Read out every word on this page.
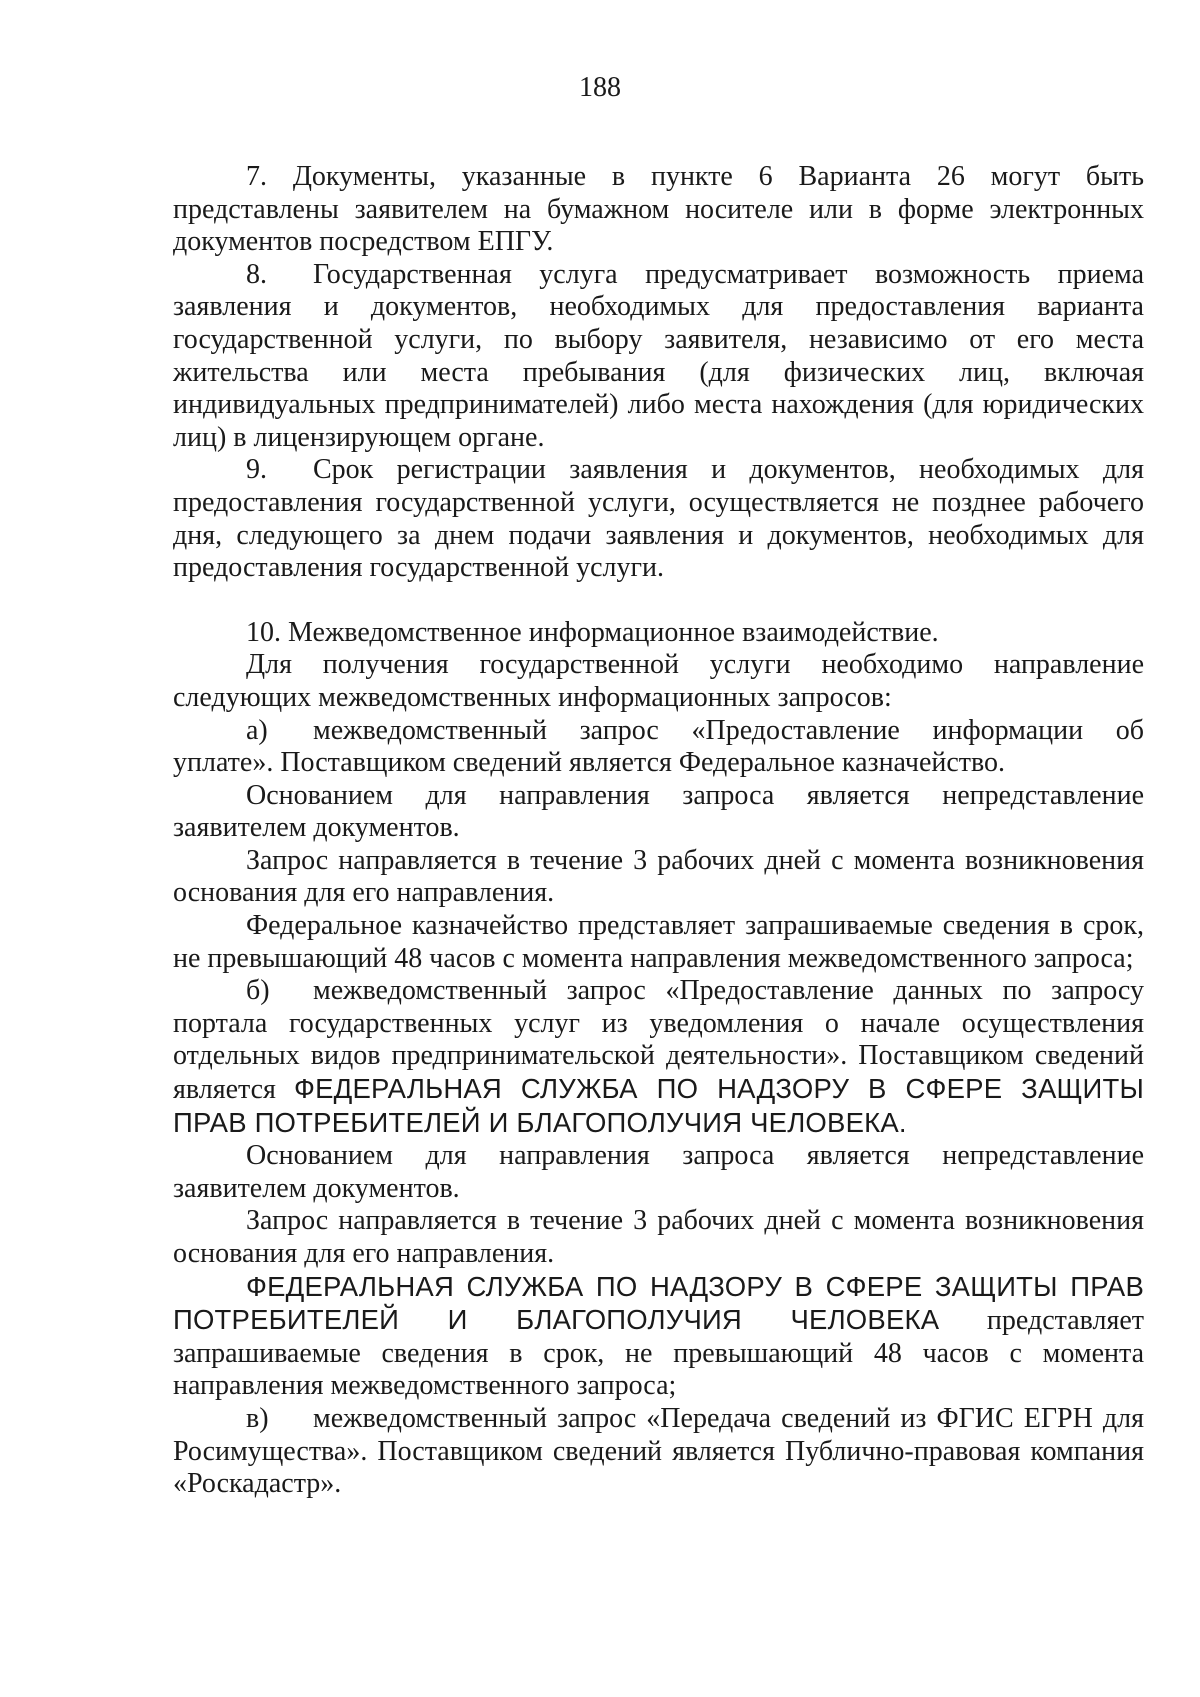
188

7. Документы, указанные в пункте 6 Варианта 26 могут быть представлены заявителем на бумажном носителе или в форме электронных документов посредством ЕПГУ.

8. Государственная услуга предусматривает возможность приема заявления и документов, необходимых для предоставления варианта государственной услуги, по выбору заявителя, независимо от его места жительства или места пребывания (для физических лиц, включая индивидуальных предпринимателей) либо места нахождения (для юридических лиц) в лицензирующем органе.

9. Срок регистрации заявления и документов, необходимых для предоставления государственной услуги, осуществляется не позднее рабочего дня, следующего за днем подачи заявления и документов, необходимых для предоставления государственной услуги.

10. Межведомственное информационное взаимодействие.

Для получения государственной услуги необходимо направление следующих межведомственных информационных запросов:

а) межведомственный запрос «Предоставление информации об уплате». Поставщиком сведений является Федеральное казначейство.

Основанием для направления запроса является непредставление заявителем документов.

Запрос направляется в течение 3 рабочих дней с момента возникновения основания для его направления.

Федеральное казначейство представляет запрашиваемые сведения в срок, не превышающий 48 часов с момента направления межведомственного запроса;

б) межведомственный запрос «Предоставление данных по запросу портала государственных услуг из уведомления о начале осуществления отдельных видов предпринимательской деятельности». Поставщиком сведений является ФЕДЕРАЛЬНАЯ СЛУЖБА ПО НАДЗОРУ В СФЕРЕ ЗАЩИТЫ ПРАВ ПОТРЕБИТЕЛЕЙ И БЛАГОПОЛУЧИЯ ЧЕЛОВЕКА.

Основанием для направления запроса является непредставление заявителем документов.

Запрос направляется в течение 3 рабочих дней с момента возникновения основания для его направления.

ФЕДЕРАЛЬНАЯ СЛУЖБА ПО НАДЗОРУ В СФЕРЕ ЗАЩИТЫ ПРАВ ПОТРЕБИТЕЛЕЙ И БЛАГОПОЛУЧИЯ ЧЕЛОВЕКА представляет запрашиваемые сведения в срок, не превышающий 48 часов с момента направления межведомственного запроса;

в) межведомственный запрос «Передача сведений из ФГИС ЕГРН для Росимущества». Поставщиком сведений является Публично-правовая компания «Роскадастр».
